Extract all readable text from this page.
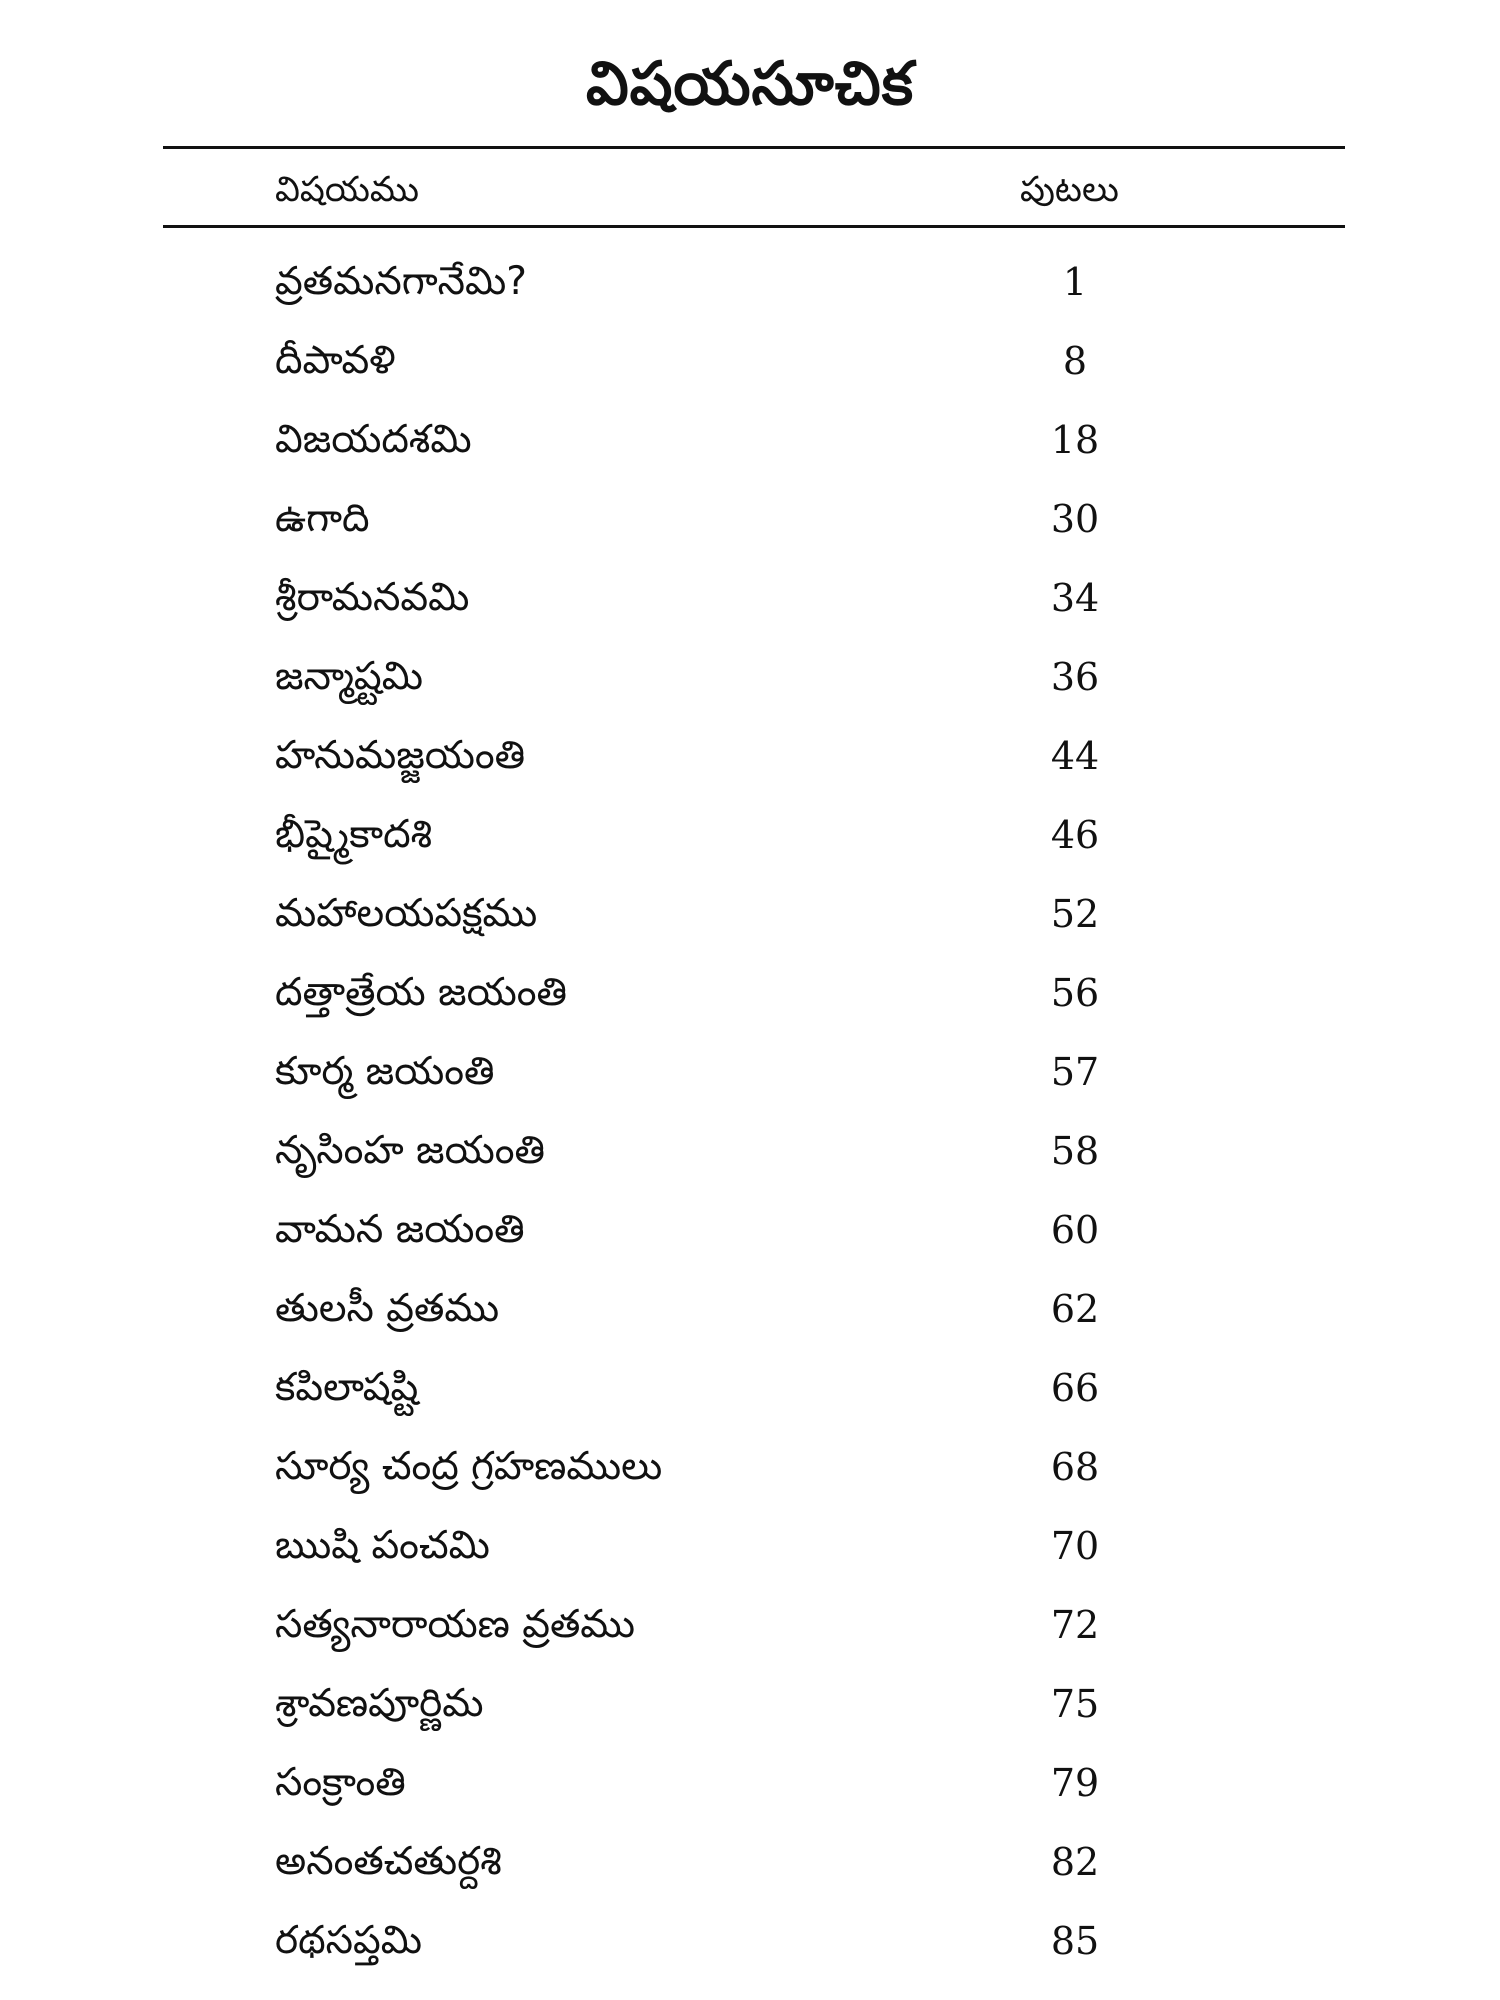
విషయసూచిక
విషయము	పుటలు
వ్రతమనగానేమి?	1
దీపావళి	8
విజయదశమి	18
ఉగాది	30
శ్రీరామనవమి	34
జన్మాష్టమి	36
హనుమజ్జయంతి	44
భీష్మైకాదశి	46
మహాలయపక్షము	52
దత్తాత్రేయ జయంతి	56
కూర్మ జయంతి	57
నృసింహ జయంతి	58
వామన జయంతి	60
తులసీ వ్రతము	62
కపిలాషష్టి	66
సూర్య చంద్ర గ్రహణములు	68
ఋషి పంచమి	70
సత్యనారాయణ వ్రతము	72
శ్రావణపూర్ణిమ	75
సంక్రాంతి	79
అనంతచతుర్దశి	82
రథసప్తమి	85
